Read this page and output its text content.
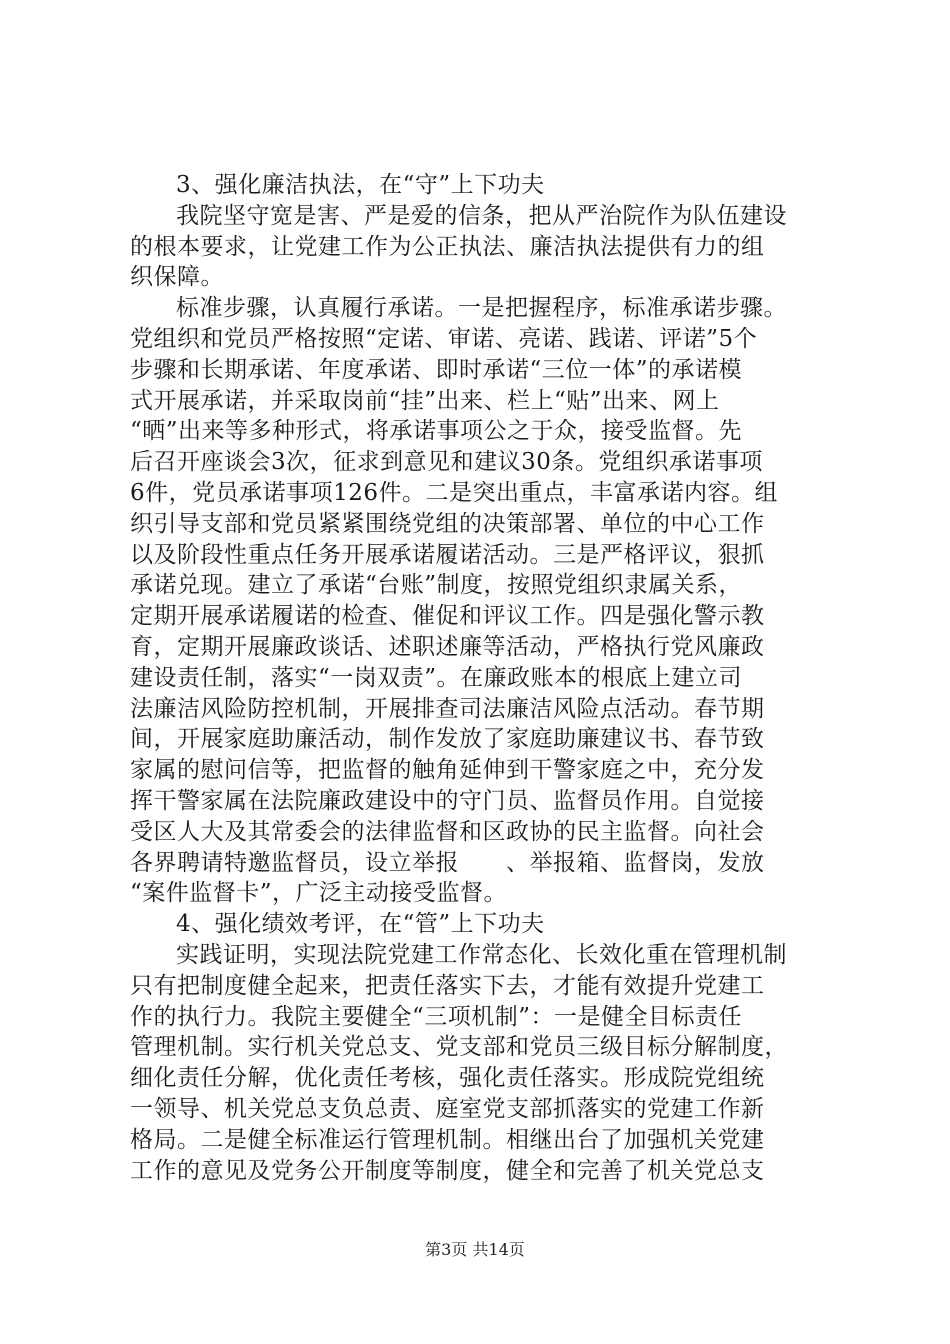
3、强化廉洁执法，在“守”上下功夫
我院坚守宽是害、严是爱的信条，把从严治院作为队伍建设
的根本要求，让党建工作为公正执法、廉洁执法提供有力的组
织保障。
标准步骤，认真履行承诺。一是把握程序，标准承诺步骤。
党组织和党员严格按照“定诺、审诺、亮诺、践诺、评诺”5个
步骤和长期承诺、年度承诺、即时承诺“三位一体”的承诺模
式开展承诺，并采取岗前“挂”出来、栏上“贴”出来、网上
“晒”出来等多种形式，将承诺事项公之于众，接受监督。先
后召开座谈会3次，征求到意见和建议30条。党组织承诺事项
6件，党员承诺事项126件。二是突出重点，丰富承诺内容。组
织引导支部和党员紧紧围绕党组的决策部署、单位的中心工作
以及阶段性重点任务开展承诺履诺活动。三是严格评议，狠抓
承诺兑现。建立了承诺“台账”制度，按照党组织隶属关系，
定期开展承诺履诺的检查、催促和评议工作。四是强化警示教
育，定期开展廉政谈话、述职述廉等活动，严格执行党风廉政
建设责任制，落实“一岗双责”。在廉政账本的根底上建立司
法廉洁风险防控机制，开展排查司法廉洁风险点活动。春节期
间，开展家庭助廉活动，制作发放了家庭助廉建议书、春节致
家属的慰问信等，把监督的触角延伸到干警家庭之中，充分发
挥干警家属在法院廉政建设中的守门员、监督员作用。自觉接
受区人大及其常委会的法律监督和区政协的民主监督。向社会
各界聘请特邀监督员，设立举报　　、举报箱、监督岗，发放
“案件监督卡”，广泛主动接受监督。
4、强化绩效考评，在“管”上下功夫
实践证明，实现法院党建工作常态化、长效化重在管理机制
只有把制度健全起来，把责任落实下去，才能有效提升党建工
作的执行力。我院主要健全“三项机制”：一是健全目标责任
管理机制。实行机关党总支、党支部和党员三级目标分解制度，
细化责任分解，优化责任考核，强化责任落实。形成院党组统
一领导、机关党总支负总责、庭室党支部抓落实的党建工作新
格局。二是健全标准运行管理机制。相继出台了加强机关党建
工作的意见及党务公开制度等制度，健全和完善了机关党总支
第3页 共14页
